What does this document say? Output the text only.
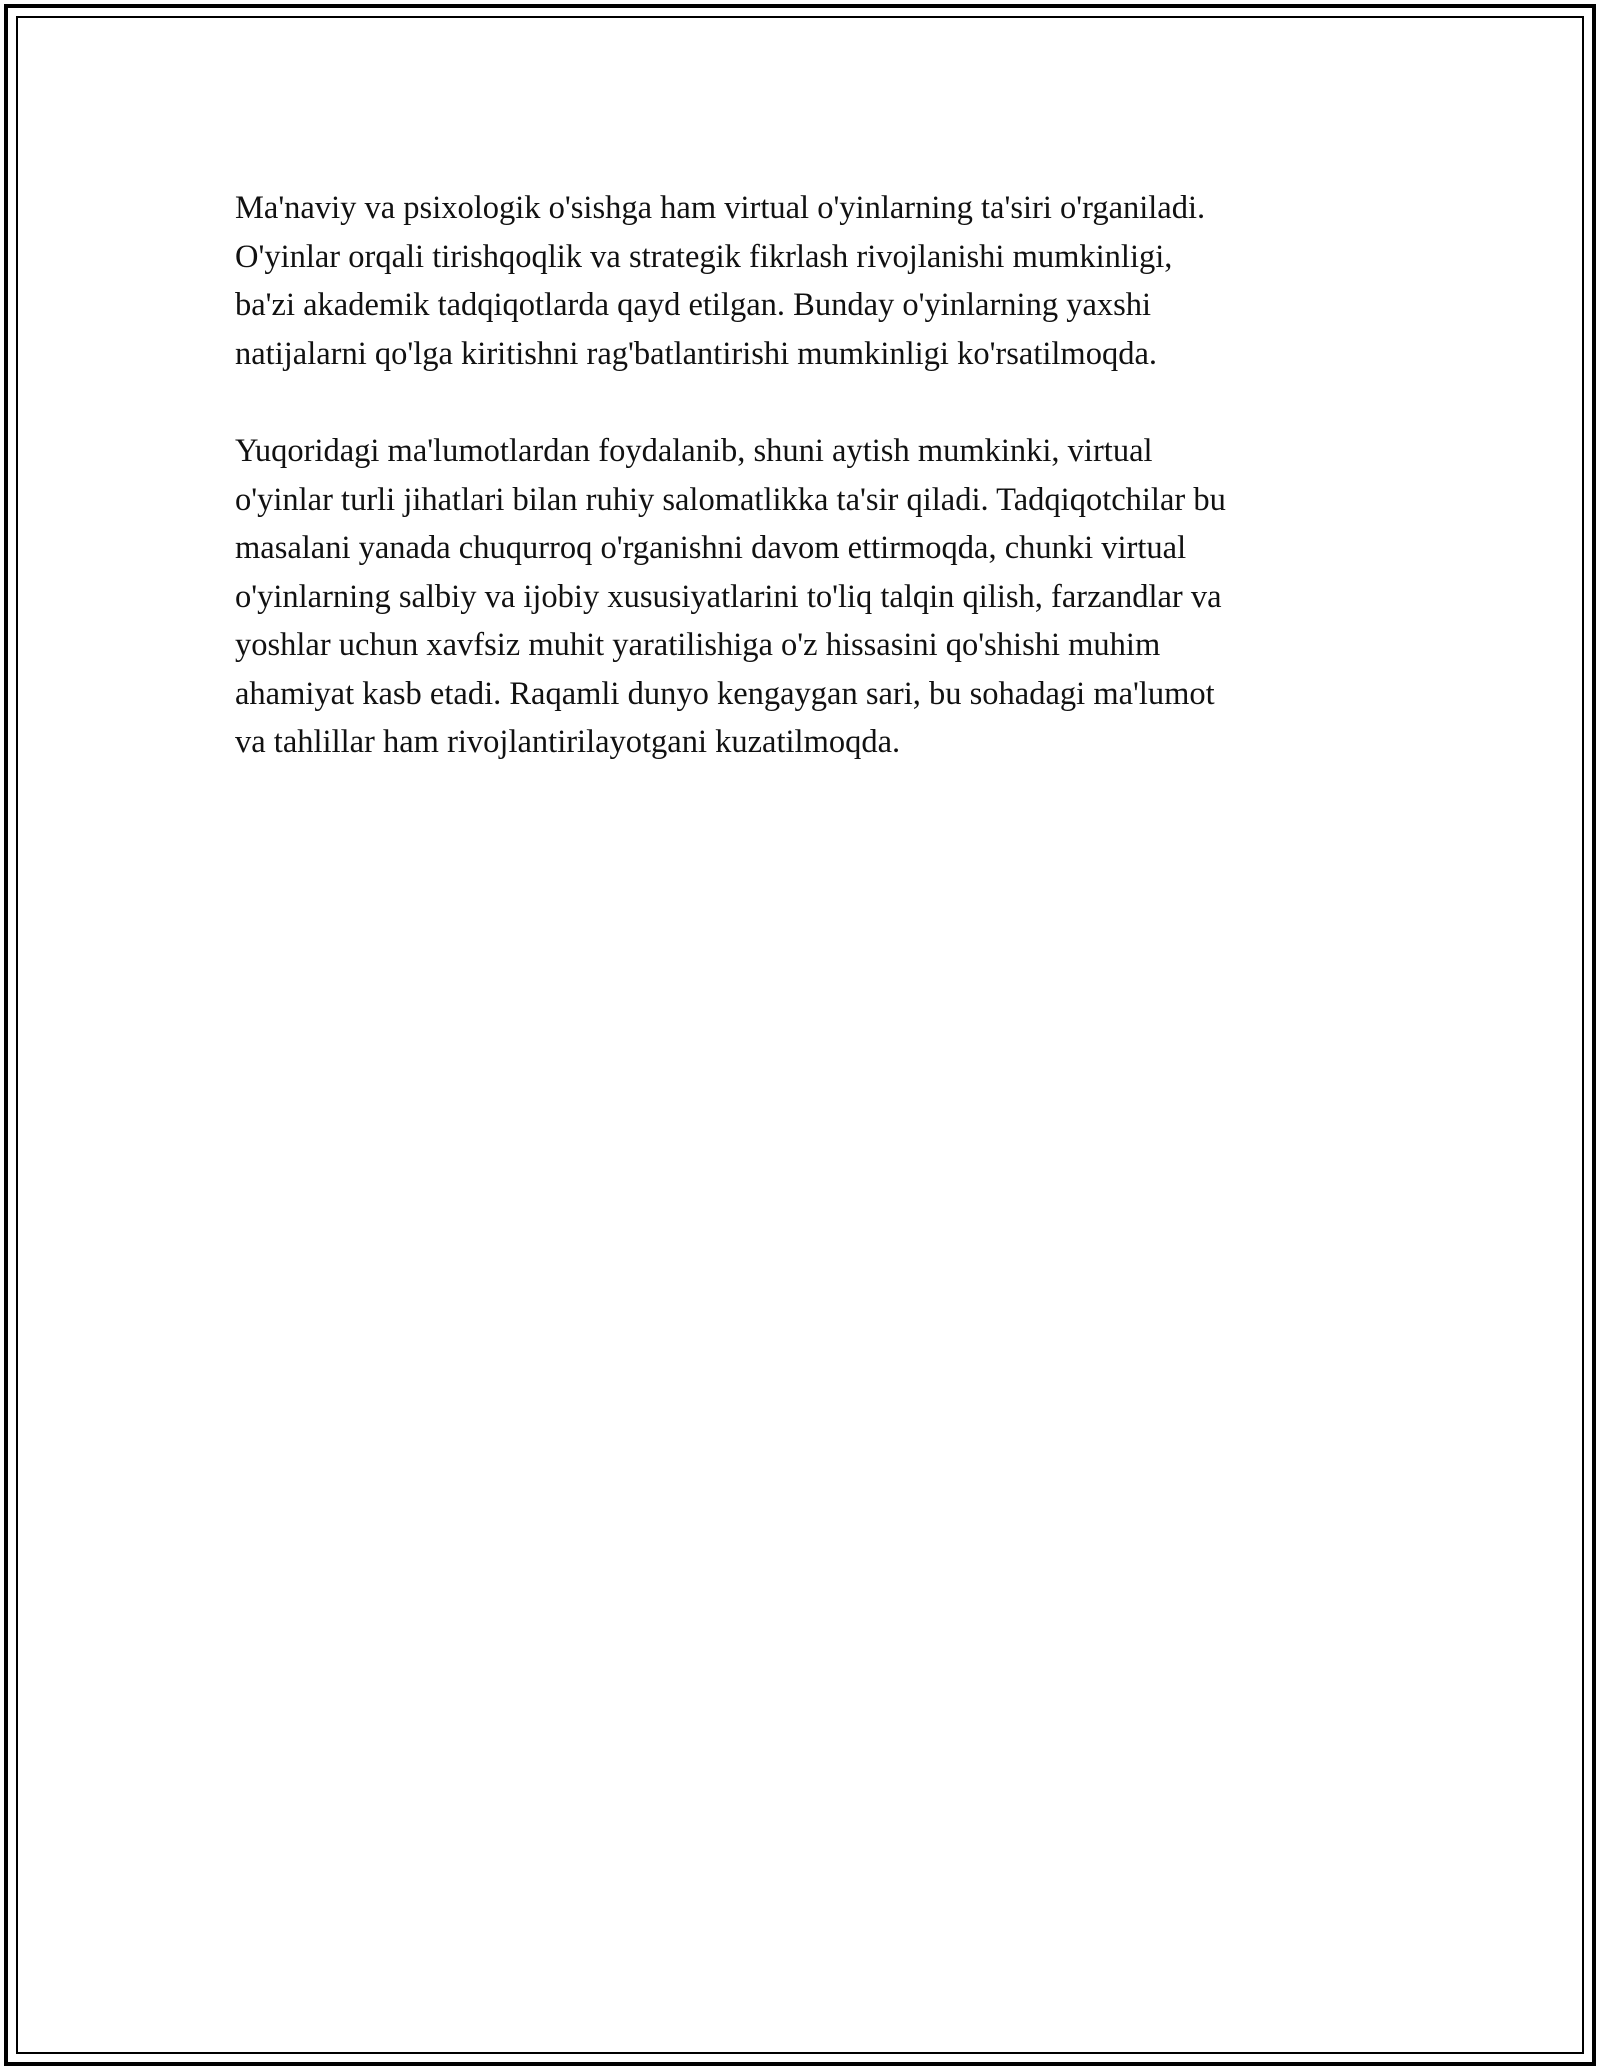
Ma'naviy va psixologik o'sishga ham virtual o'yinlarning ta'siri o'rganiladi.
O'yinlar orqali tirishqoqlik va strategik fikrlash rivojlanishi mumkinligi,
ba'zi akademik tadqiqotlarda qayd etilgan. Bunday o'yinlarning yaxshi
natijalarni qo'lga kiritishni rag'batlantirishi mumkinligi ko'rsatilmoqda.

Yuqoridagi ma'lumotlardan foydalanib, shuni aytish mumkinki, virtual
o'yinlar turli jihatlari bilan ruhiy salomatlikka ta'sir qiladi. Tadqiqotchilar bu
masalani yanada chuqurroq o'rganishni davom ettirmoqda, chunki virtual
o'yinlarning salbiy va ijobiy xususiyatlarini to'liq talqin qilish, farzandlar va
yoshlar uchun xavfsiz muhit yaratilishiga o'z hissasini qo'shishi muhim
ahamiyat kasb etadi. Raqamli dunyo kengaygan sari, bu sohadagi ma'lumot
va tahlillar ham rivojlantirilayotgani kuzatilmoqda.
